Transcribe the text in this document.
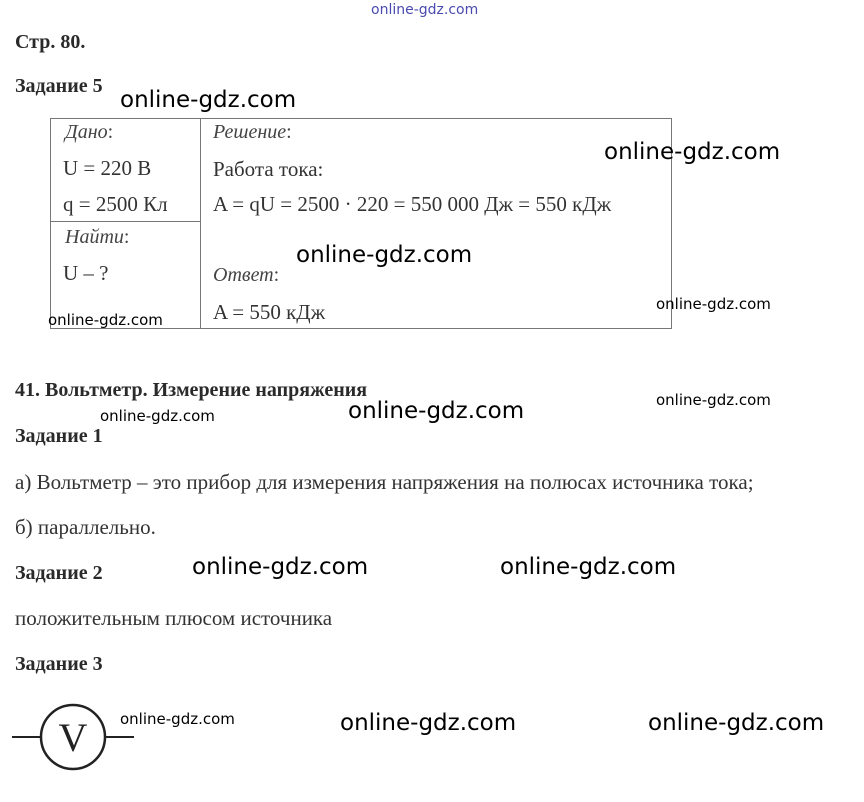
online-gdz.com
Стр. 80.
Задание 5
Дано:
U = 220 В
q = 2500 Кл
Найти:
U – ?
Решение:
Работа тока:
A = qU = 2500 · 220 = 550 000 Дж = 550 кДж
Ответ:
A = 550 кДж
41. Вольтметр. Измерение напряжения
Задание 1
а) Вольтметр – это прибор для измерения напряжения на полюсах источника тока;
б) параллельно.
Задание 2
положительным плюсом источника
Задание 3
V
online-gdz.com
online-gdz.com
online-gdz.com
online-gdz.com
online-gdz.com
online-gdz.com
online-gdz.com	online-gdz.com
online-gdz.com	online-gdz.com
online-gdz.com	online-gdz.com	online-gdz.com
